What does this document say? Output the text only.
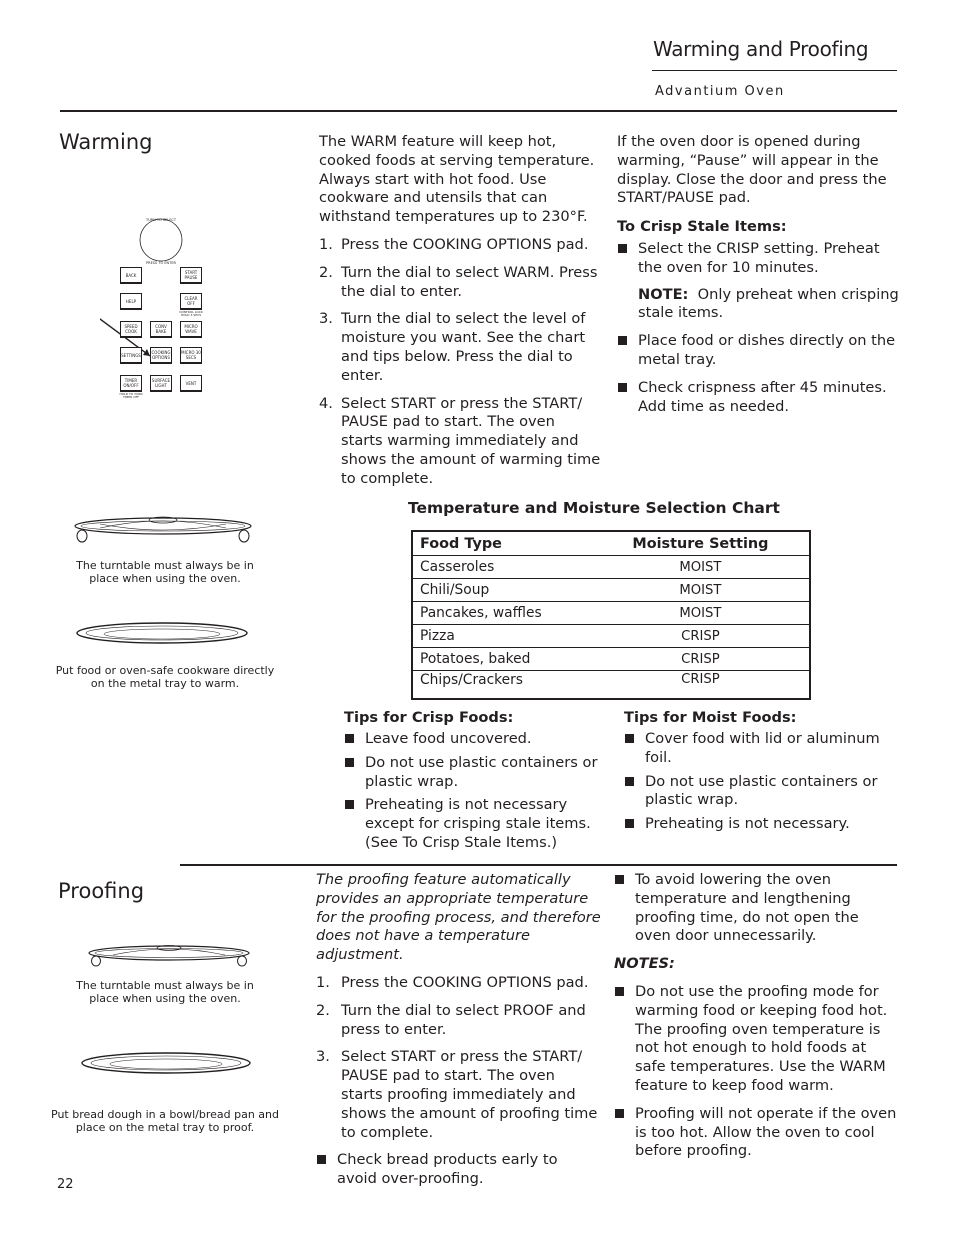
Warming and Proofing
Advantium Oven
Warming
TURN TO SELECT
PRESS TO ENTER
BACK	START PAUSE
HELP	CLEAR OFF
CONTROL LOCK HOLD 3 SECS
SPEED COOK
CONV BAKE
MICRO WAVE
SETTINGS	COOKING OPTIONS
MICRO 30 SECS
TIMER ON/OFF
SURFACE LIGHT	VENT
HOLD TO TURN TIMER OFF
The turntable must always be in place when using the oven.
Put food or oven-safe cookware directly on the metal tray to warm.
The WARM feature will keep hot, cooked foods at serving temperature. Always start with hot food. Use cookware and utensils that can withstand temperatures up to 230°F.
1. Press the COOKING OPTIONS pad.
2. Turn the dial to select WARM. Press the dial to enter.
3. Turn the dial to select the level of moisture you want. See the chart and tips below. Press the dial to enter.
4. Select START or press the START/ PAUSE pad to start. The oven starts warming immediately and shows the amount of warming time to complete.
If the oven door is opened during warming, “Pause” will appear in the display. Close the door and press the START/PAUSE pad.
To Crisp Stale Items:
Select the CRISP setting. Preheat the oven for 10 minutes.
NOTE: Only preheat when crisping stale items.
Place food or dishes directly on the metal tray.
Check crispness after 45 minutes. Add time as needed.
Temperature and Moisture Selection Chart
Food Type	Moisture Setting
Casseroles	MOIST
Chili/Soup	MOIST
Pancakes, waffles	MOIST
Pizza	CRISP
Potatoes, baked	CRISP
Chips/Crackers	CRISP
Tips for Crisp Foods:
Leave food uncovered.
Do not use plastic containers or plastic wrap.
Preheating is not necessary except for crisping stale items. (See To Crisp Stale Items.)
Tips for Moist Foods:
Cover food with lid or aluminum foil.
Do not use plastic containers or plastic wrap.
Preheating is not necessary.
Proofing
The turntable must always be in place when using the oven.
Put bread dough in a bowl/bread pan and place on the metal tray to proof.
The proofing feature automatically provides an appropriate temperature for the proofing process, and therefore does not have a temperature adjustment.
1. Press the COOKING OPTIONS pad.
2. Turn the dial to select PROOF and press to enter.
3. Select START or press the START/ PAUSE pad to start. The oven starts proofing immediately and shows the amount of proofing time to complete.
Check bread products early to avoid over-proofing.
To avoid lowering the oven temperature and lengthening proofing time, do not open the oven door unnecessarily.
NOTES:
Do not use the proofing mode for warming food or keeping food hot. The proofing oven temperature is not hot enough to hold foods at safe temperatures. Use the WARM feature to keep food warm.
Proofing will not operate if the oven is too hot. Allow the oven to cool before proofing.
22
